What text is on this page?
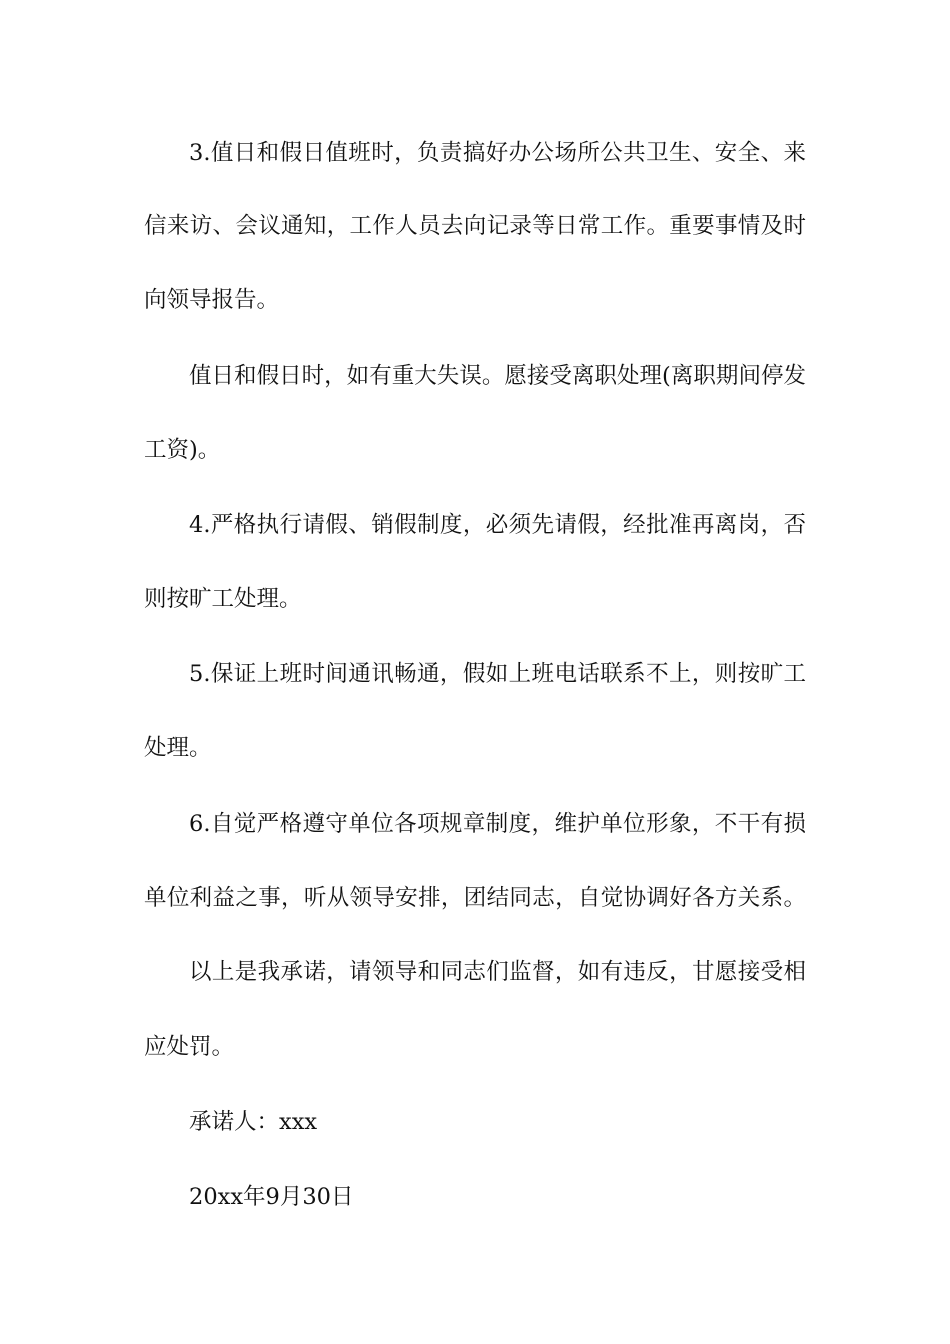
3.值日和假日值班时，负责搞好办公场所公共卫生、安全、来
信来访、会议通知，工作人员去向记录等日常工作。重要事情及时
向领导报告。
值日和假日时，如有重大失误。愿接受离职处理(离职期间停发
工资)。
4.严格执行请假、销假制度，必须先请假，经批准再离岗，否
则按旷工处理。
5.保证上班时间通讯畅通，假如上班电话联系不上，则按旷工
处理。
6.自觉严格遵守单位各项规章制度，维护单位形象，不干有损
单位利益之事，听从领导安排，团结同志，自觉协调好各方关系。
以上是我承诺，请领导和同志们监督，如有违反，甘愿接受相
应处罚。
承诺人：xxx
20xx年9月30日
